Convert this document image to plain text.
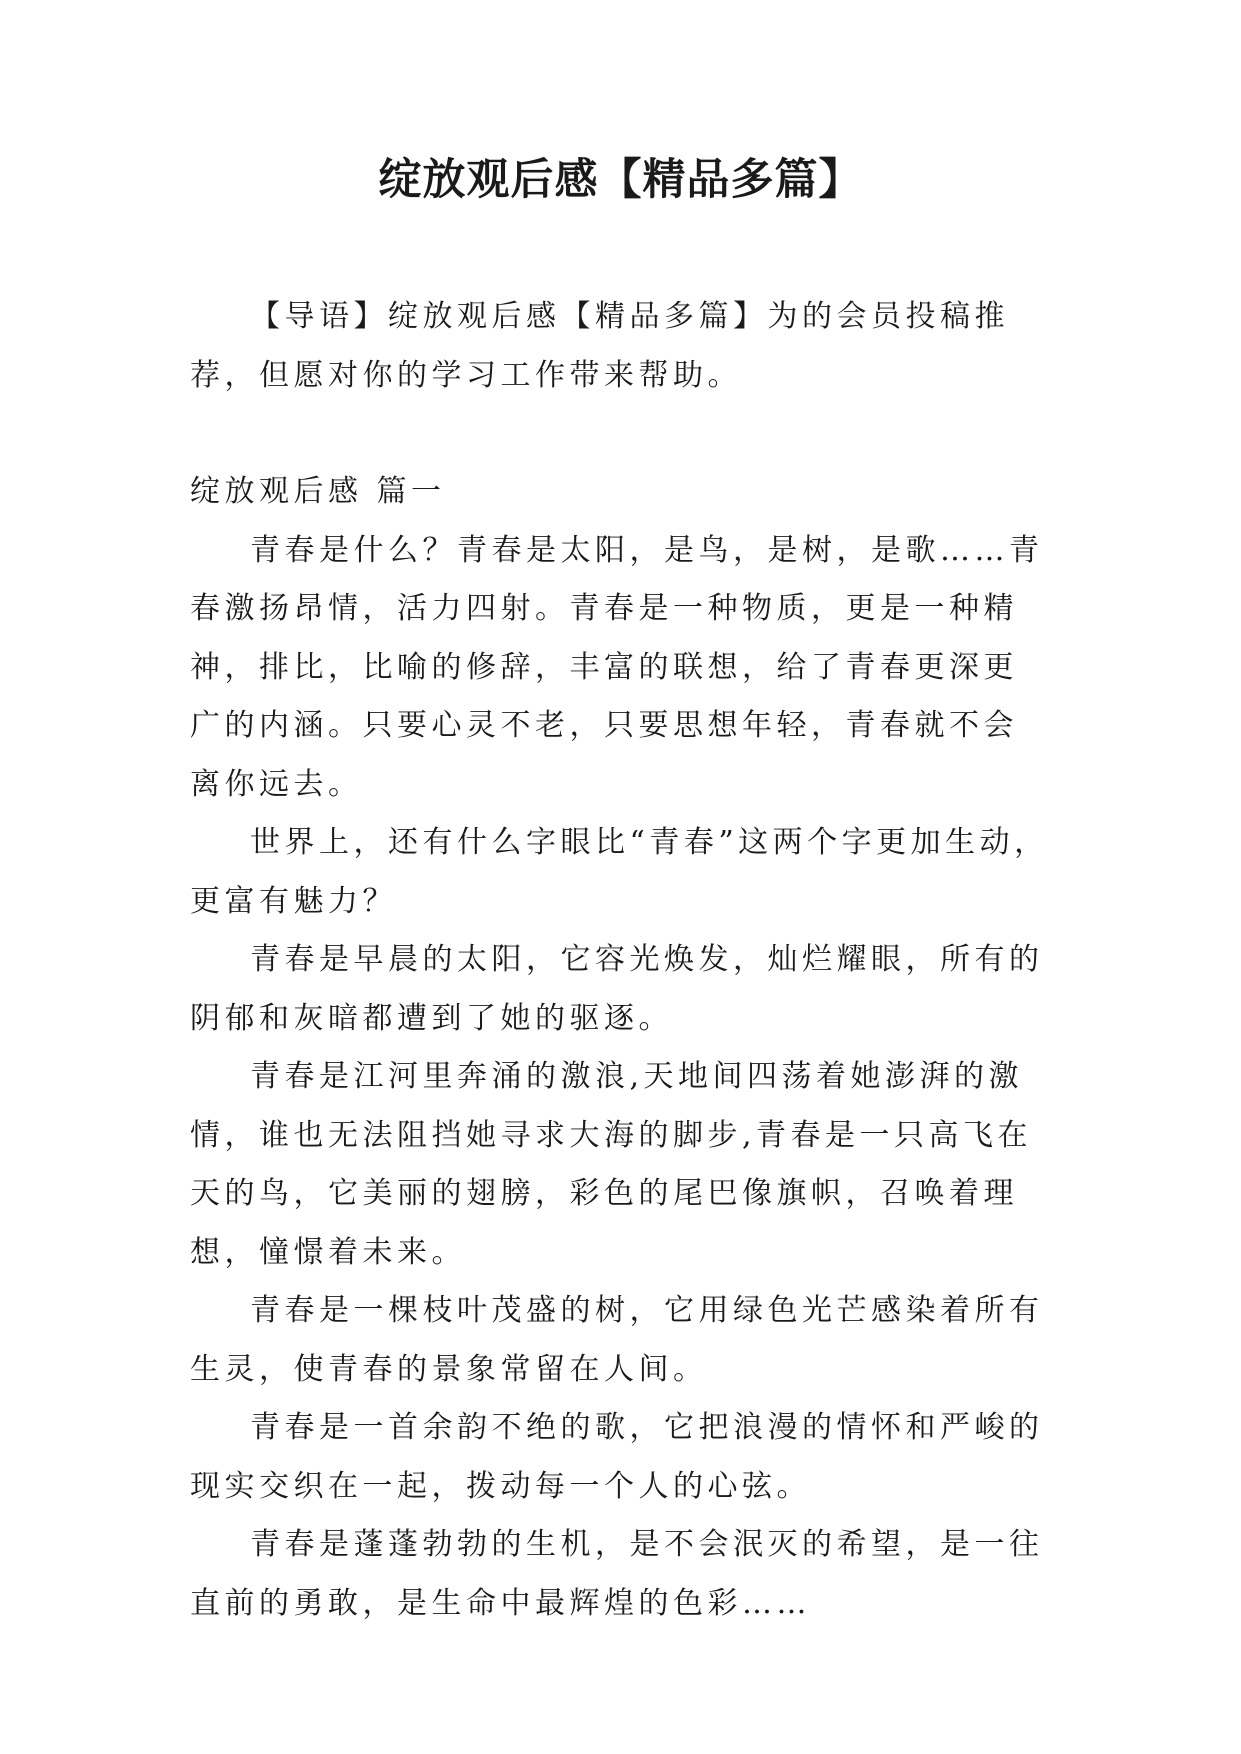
绽放观后感【精品多篇】

【导语】绽放观后感【精品多篇】为的会员投稿推荐，但愿对你的学习工作带来帮助。

绽放观后感 篇一

青春是什么？青春是太阳，是鸟，是树，是歌……青春激扬昂情，活力四射。青春是一种物质，更是一种精神，排比，比喻的修辞，丰富的联想，给了青春更深更广的内涵。只要心灵不老，只要思想年轻，青春就不会离你远去。

世界上，还有什么字眼比“青春”这两个字更加生动，更富有魅力？

青春是早晨的太阳，它容光焕发，灿烂耀眼，所有的阴郁和灰暗都遭到了她的驱逐。

青春是江河里奔涌的激浪,天地间四荡着她澎湃的激情，谁也无法阻挡她寻求大海的脚步,青春是一只高飞在天的鸟，它美丽的翅膀，彩色的尾巴像旗帜，召唤着理想，憧憬着未来。

青春是一棵枝叶茂盛的树，它用绿色光芒感染着所有生灵，使青春的景象常留在人间。

青春是一首余韵不绝的歌，它把浪漫的情怀和严峻的现实交织在一起，拨动每一个人的心弦。

青春是蓬蓬勃勃的生机，是不会泯灭的希望，是一往直前的勇敢，是生命中最辉煌的色彩……
